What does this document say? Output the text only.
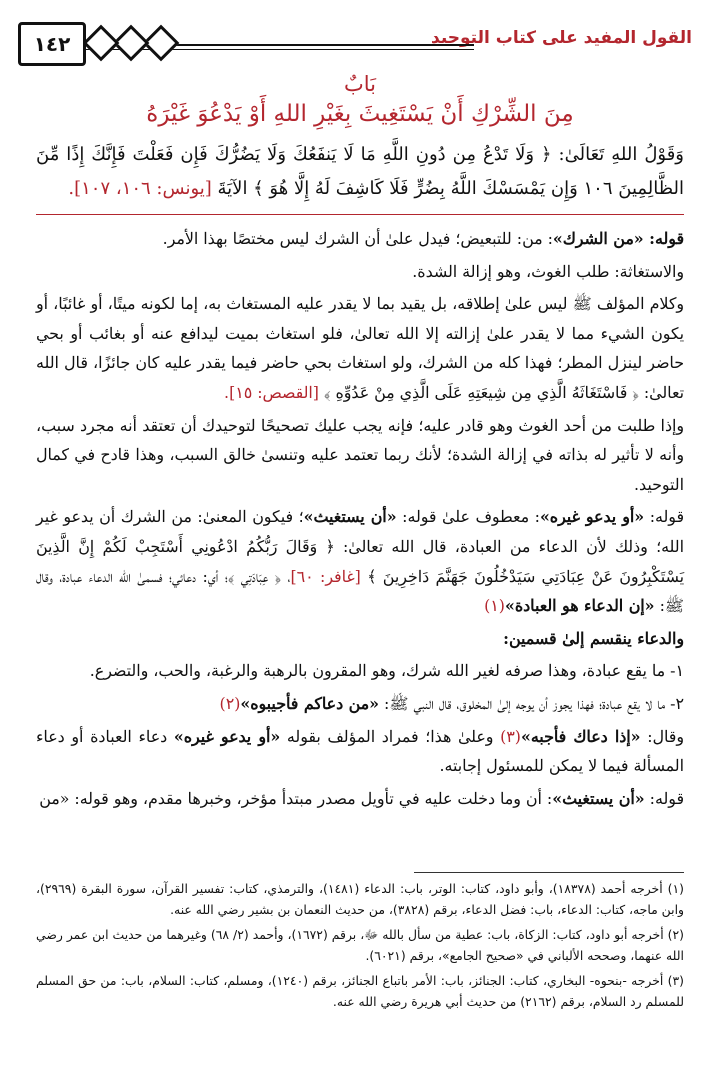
القول المفيد على كتاب التوحيد
١٤٢
بَابٌ
مِنَ الشِّرْكِ أَنْ يَسْتَغِيثَ بِغَيْرِ اللهِ أَوْ يَدْعُوَ غَيْرَهُ
وَقَوْلُ اللهِ تَعَالَىٰ: ﴿ وَلَا تَدْعُ مِن دُونِ اللَّهِ مَا لَا يَنفَعُكَ وَلَا يَضُرُّكَ فَإِن فَعَلْتَ فَإِنَّكَ إِذًا مِّنَ الظَّالِمِينَ ١٠٦ وَإِن يَمْسَسْكَ اللَّهُ بِضُرٍّ فَلَا كَاشِفَ لَهُ إِلَّا هُوَ ﴾ الآيَةَ [يونس: ١٠٦، ١٠٧].

قوله: «من الشرك»: من: للتبعيض؛ فيدل علىٰ أن الشرك ليس مختصًا بهذا الأمر.

والاستغاثة: طلب الغوث، وهو إزالة الشدة.

وكلام المؤلف ﷺ ليس علىٰ إطلاقه، بل يقيد بما لا يقدر عليه المستغاث به، إما لكونه ميتًا، أو غائبًا، أو يكون الشيء مما لا يقدر علىٰ إزالته إلا الله تعالىٰ، فلو استغاث بميت ليدافع عنه أو بغائب أو بحي حاضر لينزل المطر؛ فهذا كله من الشرك، ولو استغاث بحي حاضر فيما يقدر عليه كان جائزًا، قال الله تعالىٰ: ﴿ فَاسْتَغَاثَهُ الَّذِي مِن شِيعَتِهِ عَلَى الَّذِي مِنْ عَدُوِّهِ ﴾ [القصص: ١٥].

وإذا طلبت من أحد الغوث وهو قادر عليه؛ فإنه يجب عليك تصحيحًا لتوحيدك أن تعتقد أنه مجرد سبب، وأنه لا تأثير له بذاته في إزالة الشدة؛ لأنك ربما تعتمد عليه وتنسىٰ خالق السبب، وهذا قادح في كمال التوحيد.

قوله: «أو يدعو غيره»: معطوف علىٰ قوله: «أن يستغيث»؛ فيكون المعنىٰ: من الشرك أن يدعو غير الله؛ وذلك لأن الدعاء من العبادة، قال الله تعالىٰ: ﴿ وَقَالَ رَبُّكُمُ ادْعُونِي أَسْتَجِبْ لَكُمْ إِنَّ الَّذِينَ يَسْتَكْبِرُونَ عَنْ عِبَادَتِي سَيَدْخُلُونَ جَهَنَّمَ دَاخِرِينَ ﴾ [غافر: ٦٠]، ﴿ عِبَادَتِي ﴾؛ أي: دعائي؛ فسمىٰ الله الدعاء عبادة، وقال ﷺ: «إن الدعاء هو العبادة»(١)

والدعاء ينقسم إلىٰ قسمين:

١- ما يقع عبادة، وهذا صرفه لغير الله شرك، وهو المقرون بالرهبة والرغبة، والحب، والتضرع.

٢- ما لا يقع عبادة؛ فهذا يجوز أن يوجه إلىٰ المخلوق، قال النبي ﷺ: «من دعاكم فأجيبوه»(٢)

وقال: «إذا دعاك فأجبه»(٣) وعلىٰ هذا؛ فمراد المؤلف بقوله «أو يدعو غيره» دعاء العبادة أو دعاء المسألة فيما لا يمكن للمسئول إجابته.

قوله: «أن يستغيث»: أن وما دخلت عليه في تأويل مصدر مبتدأ مؤخر، وخبرها مقدم، وهو قوله: «من

(١) أخرجه أحمد (١٨٣٧٨)، وأبو داود، كتاب: الوتر، باب: الدعاء (١٤٨١)، والترمذي، كتاب: تفسير القرآن، سورة البقرة (٢٩٦٩)، وابن ماجه، كتاب: الدعاء، باب: فضل الدعاء، برقم (٣٨٢٨)، من حديث النعمان بن بشير رضي الله عنه.

(٢) أخرجه أبو داود، كتاب: الزكاة، باب: عطية من سأل بالله ﷻ، برقم (١٦٧٢)، وأحمد (٢/ ٦٨) وغيرهما من حديث ابن عمر رضي الله عنهما، وصححه الألباني في «صحيح الجامع»، برقم (٦٠٢١).

(٣) أخرجه -بنحوه- البخاري، كتاب: الجنائز، باب: الأمر باتباع الجنائز، برقم (١٢٤٠)، ومسلم، كتاب: السلام، باب: من حق المسلم للمسلم رد السلام، برقم (٢١٦٢) من حديث أبي هريرة رضي الله عنه.
